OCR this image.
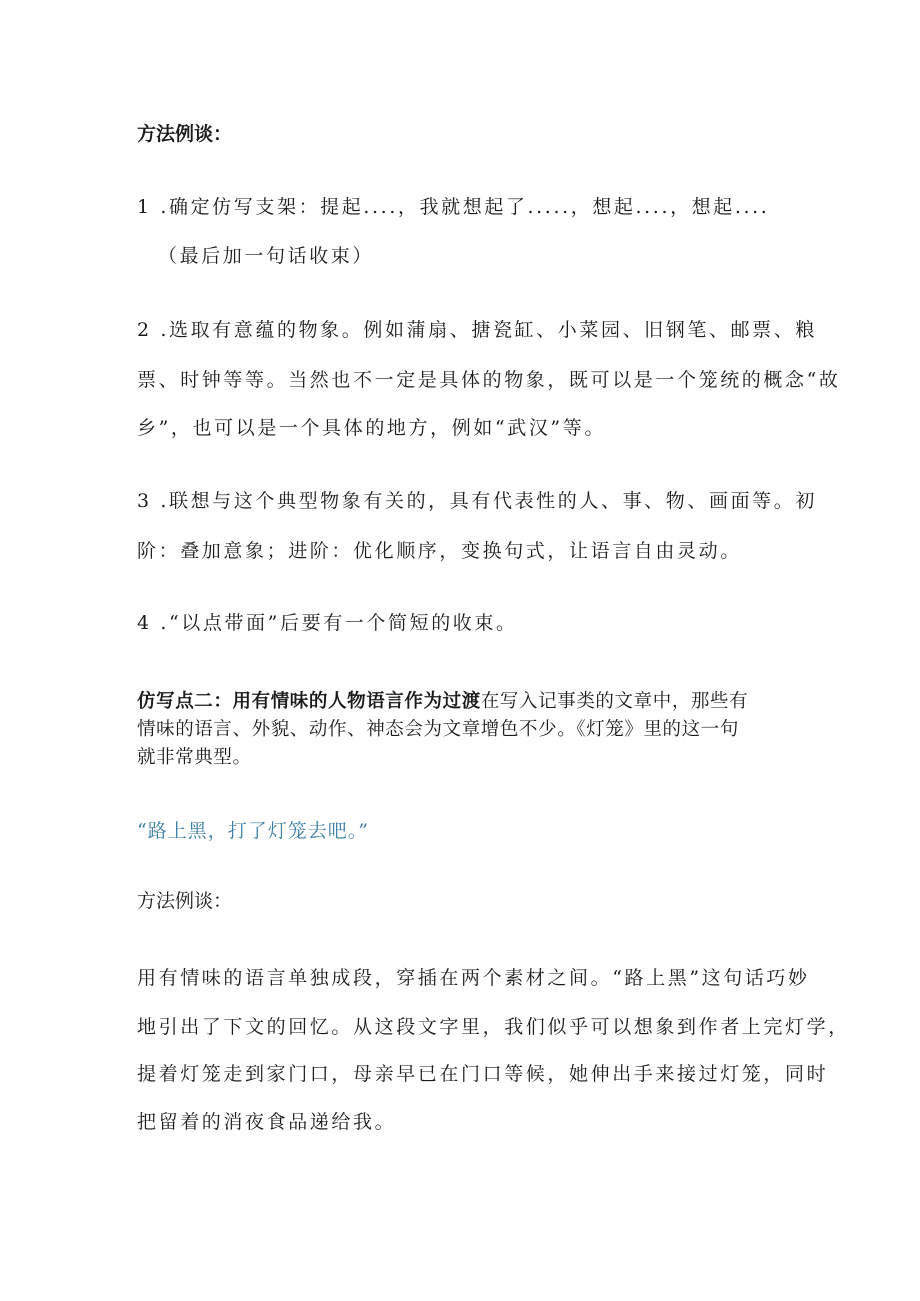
方法例谈：
1 .确定仿写支架：提起....，我就想起了.....，想起....，想起....
（最后加一句话收束）
2 .选取有意蕴的物象。例如蒲扇、搪瓷缸、小菜园、旧钢笔、邮票、粮
票、时钟等等。当然也不一定是具体的物象，既可以是一个笼统的概念“故
乡”，也可以是一个具体的地方，例如“武汉”等。
3 .联想与这个典型物象有关的，具有代表性的人、事、物、画面等。初
阶：叠加意象；进阶：优化顺序，变换句式，让语言自由灵动。
4 .“以点带面”后要有一个简短的收束。
仿写点二：用有情味的人物语言作为过渡在写入记事类的文章中，那些有
情味的语言、外貌、动作、神态会为文章增色不少。《灯笼》里的这一句
就非常典型。
“路上黑，打了灯笼去吧。”
方法例谈：
用有情味的语言单独成段，穿插在两个素材之间。“路上黑”这句话巧妙
地引出了下文的回忆。从这段文字里，我们似乎可以想象到作者上完灯学，
提着灯笼走到家门口，母亲早已在门口等候，她伸出手来接过灯笼，同时
把留着的消夜食品递给我。
